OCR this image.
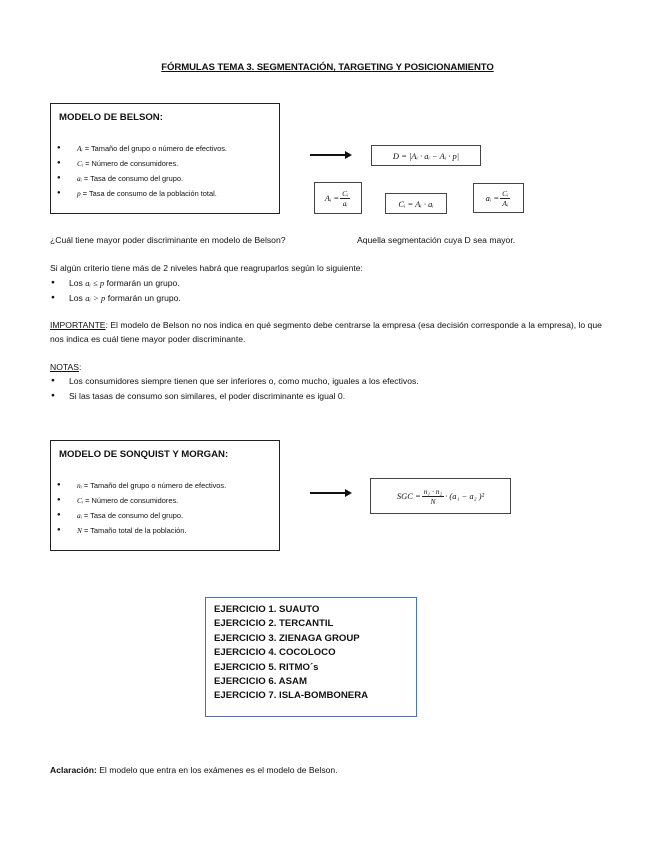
FÓRMULAS TEMA 3. SEGMENTACIÓN, TARGETING Y POSICIONAMIENTO
MODELO DE BELSON:
● Aᵢ = Tamaño del grupo o número de efectivos.
● Cᵢ = Número de consumidores.
● aᵢ = Tasa de consumo del grupo.
● p = Tasa de consumo de la población total.
D = |Aᵢ · aᵢ − Aᵢ · p|
Aᵢ = $\frac{\text{Cᵢ}}{\text{aᵢ}}$	Cᵢ = Aᵢ · aᵢ
aᵢ = $\frac{\text{Cᵢ}}{\text{Aᵢ}}$
¿Cuál tiene mayor poder discriminante en modelo de Belson?	Aquella segmentación cuya D sea mayor.
Si algún criterio tiene más de 2 niveles habrá que reagruparlos según lo siguiente:
● Los aᵢ ≤ p formarán un grupo.
● Los aᵢ > p formarán un grupo.
IMPORTANTE: El modelo de Belson no nos indica en qué segmento debe centrarse la empresa (esa decisión corresponde a la empresa), lo que nos indica es cuál tiene mayor poder discriminante.
NOTAS:
● Los consumidores siempre tienen que ser inferiores o, como mucho, iguales a los efectivos.
● Si las tasas de consumo son similares, el poder discriminante es igual 0.
MODELO DE SONQUIST Y MORGAN:
● nᵢ = Tamaño del grupo o número de efectivos.
● Cᵢ = Número de consumidores.
● aᵢ = Tasa de consumo del grupo.
● N = Tamaño total de la población.
SGC = $\frac{\text{n₁ · n₂}}{N} \cdot (a_1 - a_2$ )²
EJERCICIO 1. SUAUTO
EJERCICIO 2. TERCANTIL
EJERCICIO 3. ZIENAGA GROUP
EJERCICIO 4. COCOLOCO
EJERCICIO 5. RITMO´s
EJERCICIO 6. ASAM
EJERCICIO 7. ISLA-BOMBONERA
Aclaración: El modelo que entra en los exámenes es el modelo de Belson.
